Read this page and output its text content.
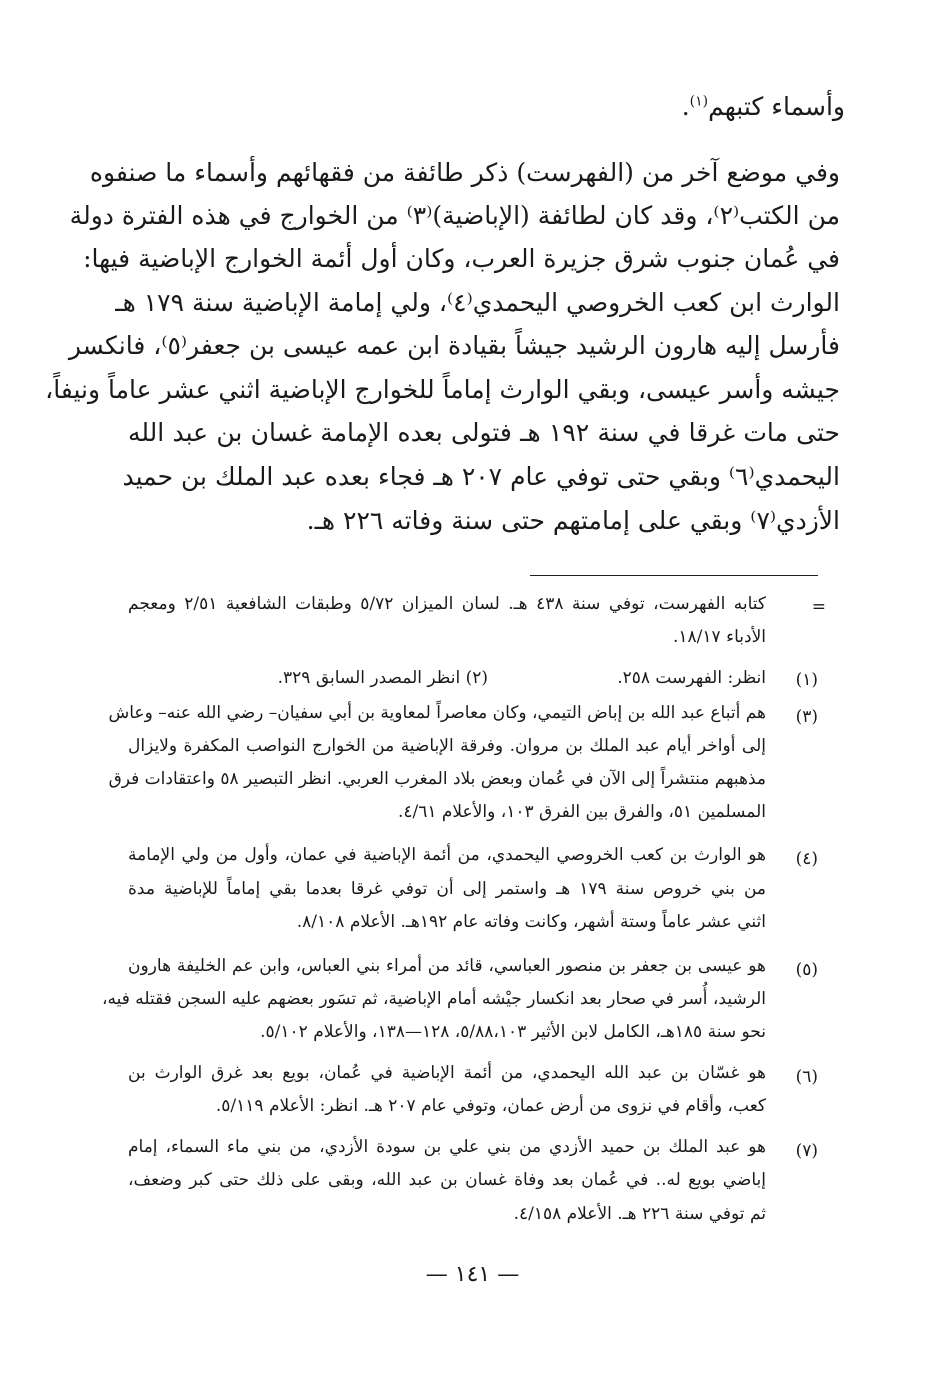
وأسماء كتبهم$^{(١)}$.
وفي موضع آخر من (الفهرست) ذكر طائفة من فقهائهم وأسماء ما صنفوه
من الكتب⁽٢⁾، وقد كان لطائفة (الإباضية)⁽٣⁾ من الخوارج في هذه الفترة دولة
في عُمان جنوب شرق جزيرة العرب، وكان أول أئمة الخوارج الإباضية فيها:
الوارث ابن كعب الخروصي اليحمدي⁽٤⁾، ولي إمامة الإباضية سنة ١٧٩ هـ
فأرسل إليه هارون الرشيد جيشاً بقيادة ابن عمه عيسى بن جعفر⁽٥⁾، فانكسر
جيشه وأسر عيسى، وبقي الوارث إماماً للخوارج الإباضية اثني عشر عاماً ونيفاً،
حتى مات غرقا في سنة ١٩٢ هـ فتولى بعده الإمامة غسان بن عبد الله
اليحمدي⁽٦⁾ وبقي حتى توفي عام ٢٠٧ هـ فجاء بعده عبد الملك بن حميد
الأزدي⁽٧⁾ وبقي على إمامتهم حتى سنة وفاته ٢٢٦ هـ.
=
كتابه الفهرست، توفي سنة ٤٣٨ هـ. لسان الميزان ٥/٧٢ وطبقات الشافعية ٢/٥١ ومعجم
الأدباء ١٨/١٧.
(١)
انظر: الفهرست ٢٥٨.
(٢) انظر المصدر السابق ٣٢٩.
(٣)
هم أتباع عبد الله بن إباض التيمي، وكان معاصراً لمعاوية بن أبي سفيان– رضي الله عنه– وعاش
إلى أواخر أيام عبد الملك بن مروان. وفرقة الإباضية من الخوارج النواصب المكفرة ولايزال
مذهبهم منتشراً إلى الآن في عُمان وبعض بلاد المغرب العربي. انظر التبصير ٥٨ واعتقادات فرق
المسلمين ٥١، والفرق بين الفرق ١٠٣، والأعلام ٤/٦١.
(٤)
هو الوارث بن كعب الخروصي اليحمدي، من أئمة الإباضية في عمان، وأول من ولي الإمامة
من بني خروص سنة ١٧٩ هـ واستمر إلى أن توفي غرقا بعدما بقي إماماً للإباضية مدة
اثني عشر عاماً وستة أشهر، وكانت وفاته عام ١٩٢هـ. الأعلام ٨/١٠٨.
(٥)
هو عيسى بن جعفر بن منصور العباسي، قائد من أمراء بني العباس، وابن عم الخليفة هارون
الرشيد، أُسر في صحار بعد انكسار جيْشه أمام الإباضية، ثم تسَور بعضهم عليه السجن فقتله فيه،
نحو سنة ١٨٥هـ، الكامل لابن الأثير ٥/٨٨،١٠٣، ١٢٨—١٣٨، والأعلام ٥/١٠٢.
(٦)
هو غسّان بن عبد الله اليحمدي، من أئمة الإباضية في عُمان، بويع بعد غرق الوارث بن
كعب، وأقام في نزوى من أرض عمان، وتوفي عام ٢٠٧ هـ. انظر: الأعلام ٥/١١٩.
(٧)
هو عبد الملك بن حميد الأزدي من بني علي بن سودة الأزدي، من بني ماء السماء، إمام
إباضي بويع له.. في عُمان بعد وفاة غسان بن عبد الله، وبقى على ذلك حتى كبر وضعف،
ثم توفي سنة ٢٢٦ هـ. الأعلام ٤/١٥٨.
— ١٤١ —
